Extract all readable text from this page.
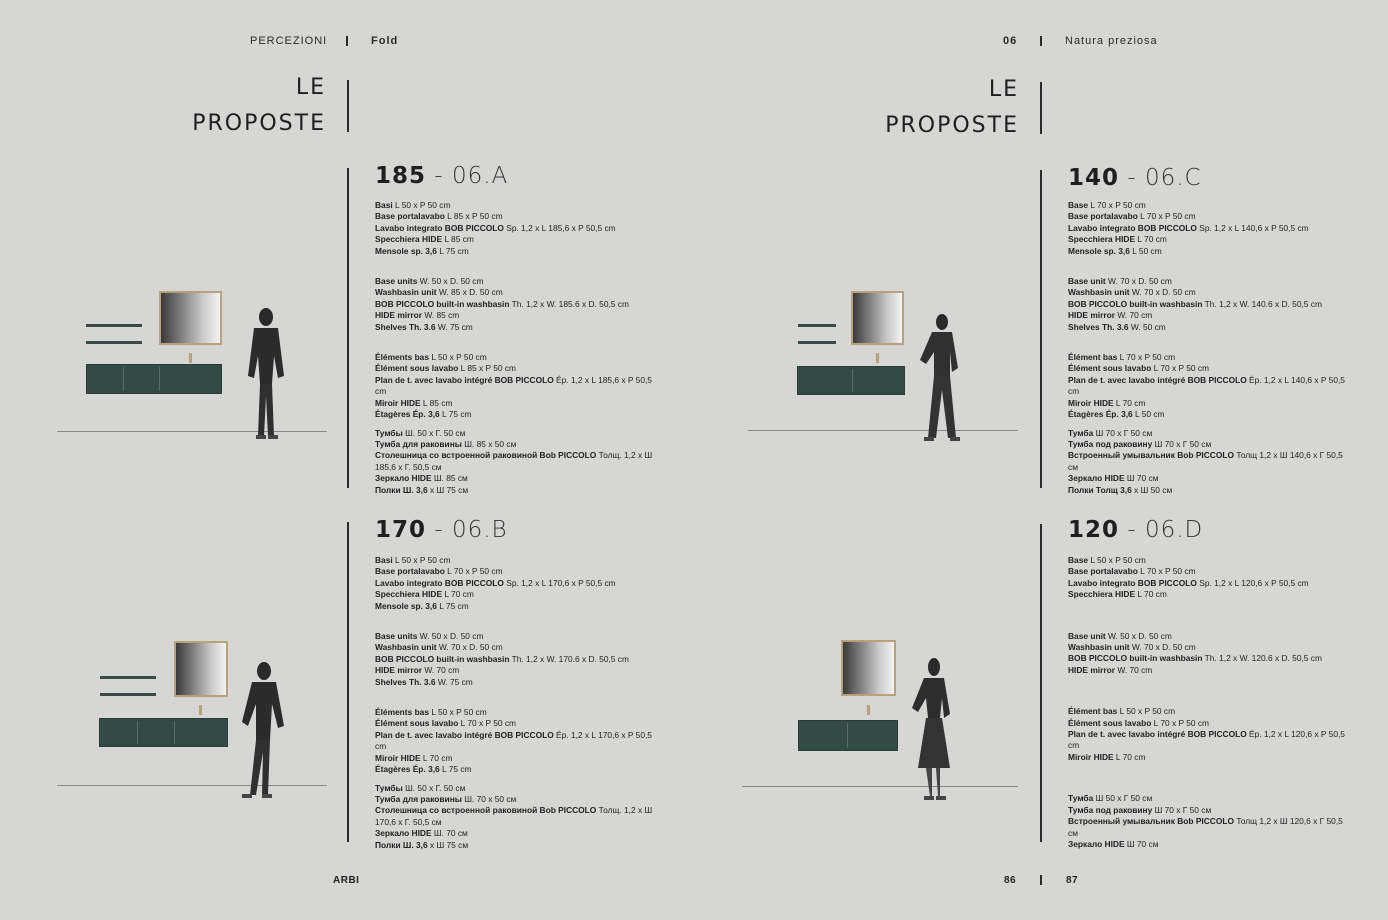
PERCEZIONI	Fold	06	Natura preziosa
LE
PROPOSTE
LE
PROPOSTE
185 - 06.A
Basi L 50 x P 50 cm
Base portalavabo L 85 x P 50 cm
Lavabo integrato BOB PICCOLO Sp. 1,2 x L 185,6 x P 50,5 cm
Specchiera HIDE L 85 cm
Mensole sp. 3,6 L 75 cm
Base units W. 50 x D. 50 cm
Washbasin unit W. 85 x D. 50 cm
BOB PICCOLO built-in washbasin Th. 1,2 x W. 185.6 x D. 50,5 cm
HIDE mirror W. 85 cm
Shelves Th. 3.6 W. 75 cm
Éléments bas L 50 x P 50 cm
Élément sous lavabo L 85 x P 50 cm
Plan de t. avec lavabo intégré BOB PICCOLO Ép. 1,2 x L 185,6 x P 50,5 cm
Miroir HIDE L 85 cm
Étagères Ép. 3,6 L 75 cm
Тумбы Ш. 50 х Г. 50 см
Тумба для раковины Ш. 85 х 50 см
Столешница со встроенной раковиной Bob PICCOLO Толщ. 1,2 х Ш 185,6 х Г. 50,5 см
Зеркало HIDE Ш. 85 см
Полки Ш. 3,6 х Ш 75 см
170 - 06.B
Basi L 50 x P 50 cm
Base portalavabo L 70 x P 50 cm
Lavabo integrato BOB PICCOLO Sp. 1,2 x L 170,6 x P 50,5 cm
Specchiera HIDE L 70 cm
Mensole sp. 3,6 L 75 cm
Base units W. 50 x D. 50 cm
Washbasin unit W. 70 x D. 50 cm
BOB PICCOLO built-in washbasin Th. 1,2 x W. 170.6 x D. 50,5 cm
HIDE mirror W. 70 cm
Shelves Th. 3.6 W. 75 cm
Éléments bas L 50 x P 50 cm
Élément sous lavabo L 70 x P 50 cm
Plan de t. avec lavabo intégré BOB PICCOLO Ép. 1,2 x L 170,6 x P 50,5 cm
Miroir HIDE L 70 cm
Étagères Ép. 3,6 L 75 cm
Тумбы Ш. 50 х Г. 50 см
Тумба для раковины Ш. 70 х 50 см
Столешница со встроенной раковиной Bob PICCOLO Толщ. 1,2 х Ш 170,6 х Г. 50,5 см
Зеркало HIDE Ш. 70 см
Полки Ш. 3,6 х Ш 75 см
140 - 06.C
Base L 70 x P 50 cm
Base portalavabo L 70 x P 50 cm
Lavabo integrato BOB PICCOLO Sp. 1,2 x L 140,6 x P 50,5 cm
Specchiera HIDE L 70 cm
Mensole sp. 3,6 L 50 cm
Base unit W. 70 x D. 50 cm
Washbasin unit W. 70 x D. 50 cm
BOB PICCOLO built-in washbasin Th. 1,2 x W. 140.6 x D. 50,5 cm
HIDE mirror W. 70 cm
Shelves Th. 3.6 W. 50 cm
Élément bas L 70 x P 50 cm
Élément sous lavabo L 70 x P 50 cm
Plan de t. avec lavabo intégré BOB PICCOLO Ép. 1,2 x L 140,6 x P 50,5 cm
Miroir HIDE L 70 cm
Étagères Ép. 3,6 L 50 cm
Тумба Ш 70 х Г 50 см
Тумба под раковину Ш 70 х Г 50 см
Встроенный умывальник Bob PICCOLO Толщ 1,2 х Ш 140,6 х Г 50,5 см
Зеркало HIDE Ш 70 см
Полки Толщ 3,6 х Ш 50 см
120 - 06.D
Base L 50 x P 50 cm
Base portalavabo L 70 x P 50 cm
Lavabo integrato BOB PICCOLO Sp. 1,2 x L 120,6 x P 50,5 cm
Specchiera HIDE L 70 cm
Base unit W. 50 x D. 50 cm
Washbasin unit W. 70 x D. 50 cm
BOB PICCOLO built-in washbasin Th. 1,2 x W. 120.6 x D. 50,5 cm
HIDE mirror W. 70 cm
Élément bas L 50 x P 50 cm
Élément sous lavabo L 70 x P 50 cm
Plan de t. avec lavabo intégré BOB PICCOLO Ép. 1,2 x L 120,6 x P 50,5 cm
Miroir HIDE L 70 cm
Тумба Ш 50 х Г 50 см
Тумба под раковину Ш 70 х Г 50 см
Встроенный умывальник Bob PICCOLO Толщ 1,2 х Ш 120,6 х Г 50,5 см
Зеркало HIDE Ш 70 см
ARBI	86	87
